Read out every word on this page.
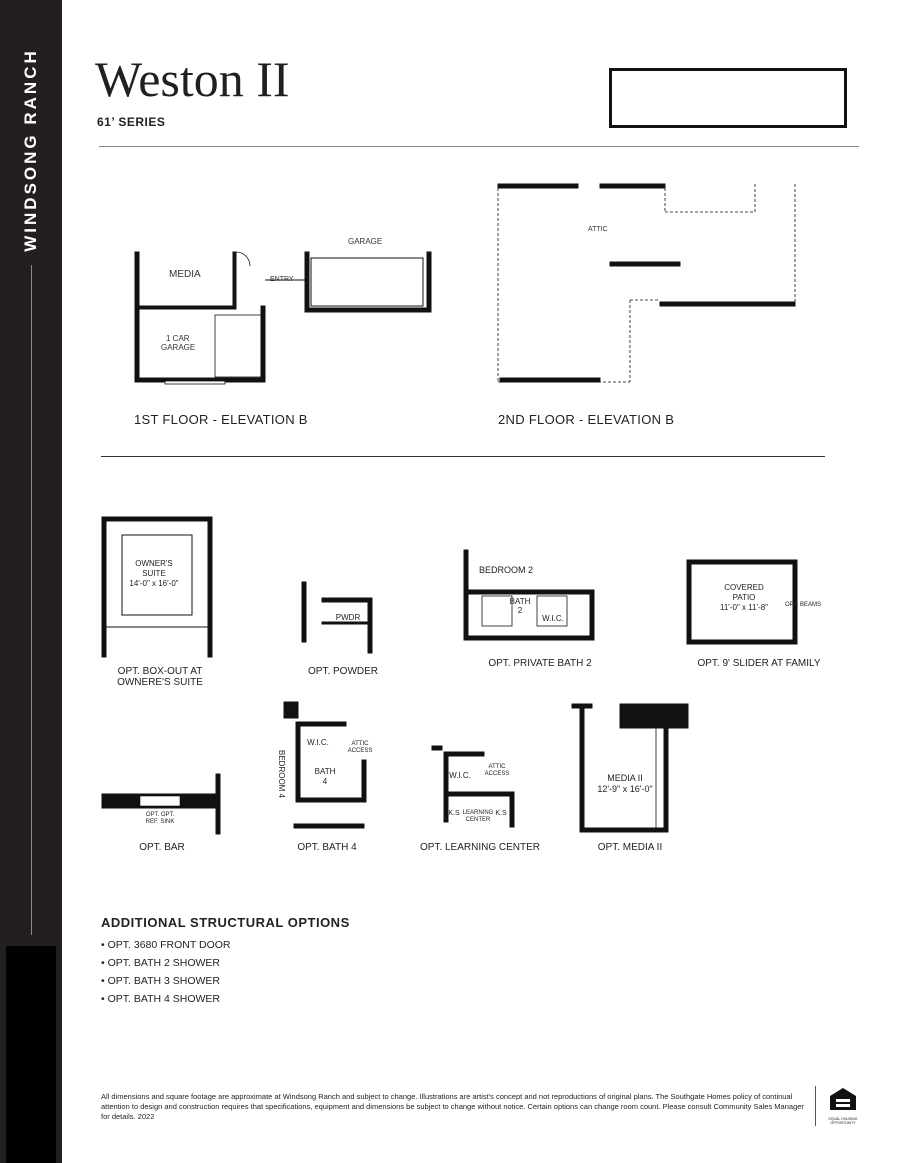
WINDSONG RANCH Weston II
61’ SERIES
MEDIA
1 CAR
GARAGE
ENTRY
GARAGE
1ST FLOOR - ELEVATION B
ATTIC
2ND FLOOR - ELEVATION B
OWNER'S
SUITE
14'-0" x 16'-0"
OPT. BOX-OUT AT
OWNERE'S SUITE
PWDR
OPT. POWDER
BEDROOM 2
BATH
2
W.I.C.
OPT. PRIVATE BATH 2
COVERED
PATIO
11'-0" x 11'-8"	OPT. BEAMS
OPT. 9' SLIDER AT FAMILY
OPT. OPT.
REF. SINK
OPT. BAR
BEDROOM 4
W.I.C.	ATTIC
ACCESS
BATH
4
OPT. BATH 4
W.I.C.
ATTIC
ACCESS
K.S LEARNING
CENTER
K.S
OPT. LEARNING CENTER
MEDIA II
12'-9" x 16'-0"
OPT. MEDIA II
ADDITIONAL STRUCTURAL OPTIONS
• OPT. 3680 FRONT DOOR
• OPT. BATH 2 SHOWER
• OPT. BATH 3 SHOWER
• OPT. BATH 4 SHOWER
All dimensions and square footage are approximate at Windsong Ranch and subject to change. Illustrations are artist's concept and not reproductions of original plans. The Southgate Homes policy of continual attention to design and construction requires that specifications, equipment and dimensions be subject to change without notice. Certain options can change room count. Please consult Community Sales Manager for details. 2022	EQUAL HOUSING OPPORTUNITY
